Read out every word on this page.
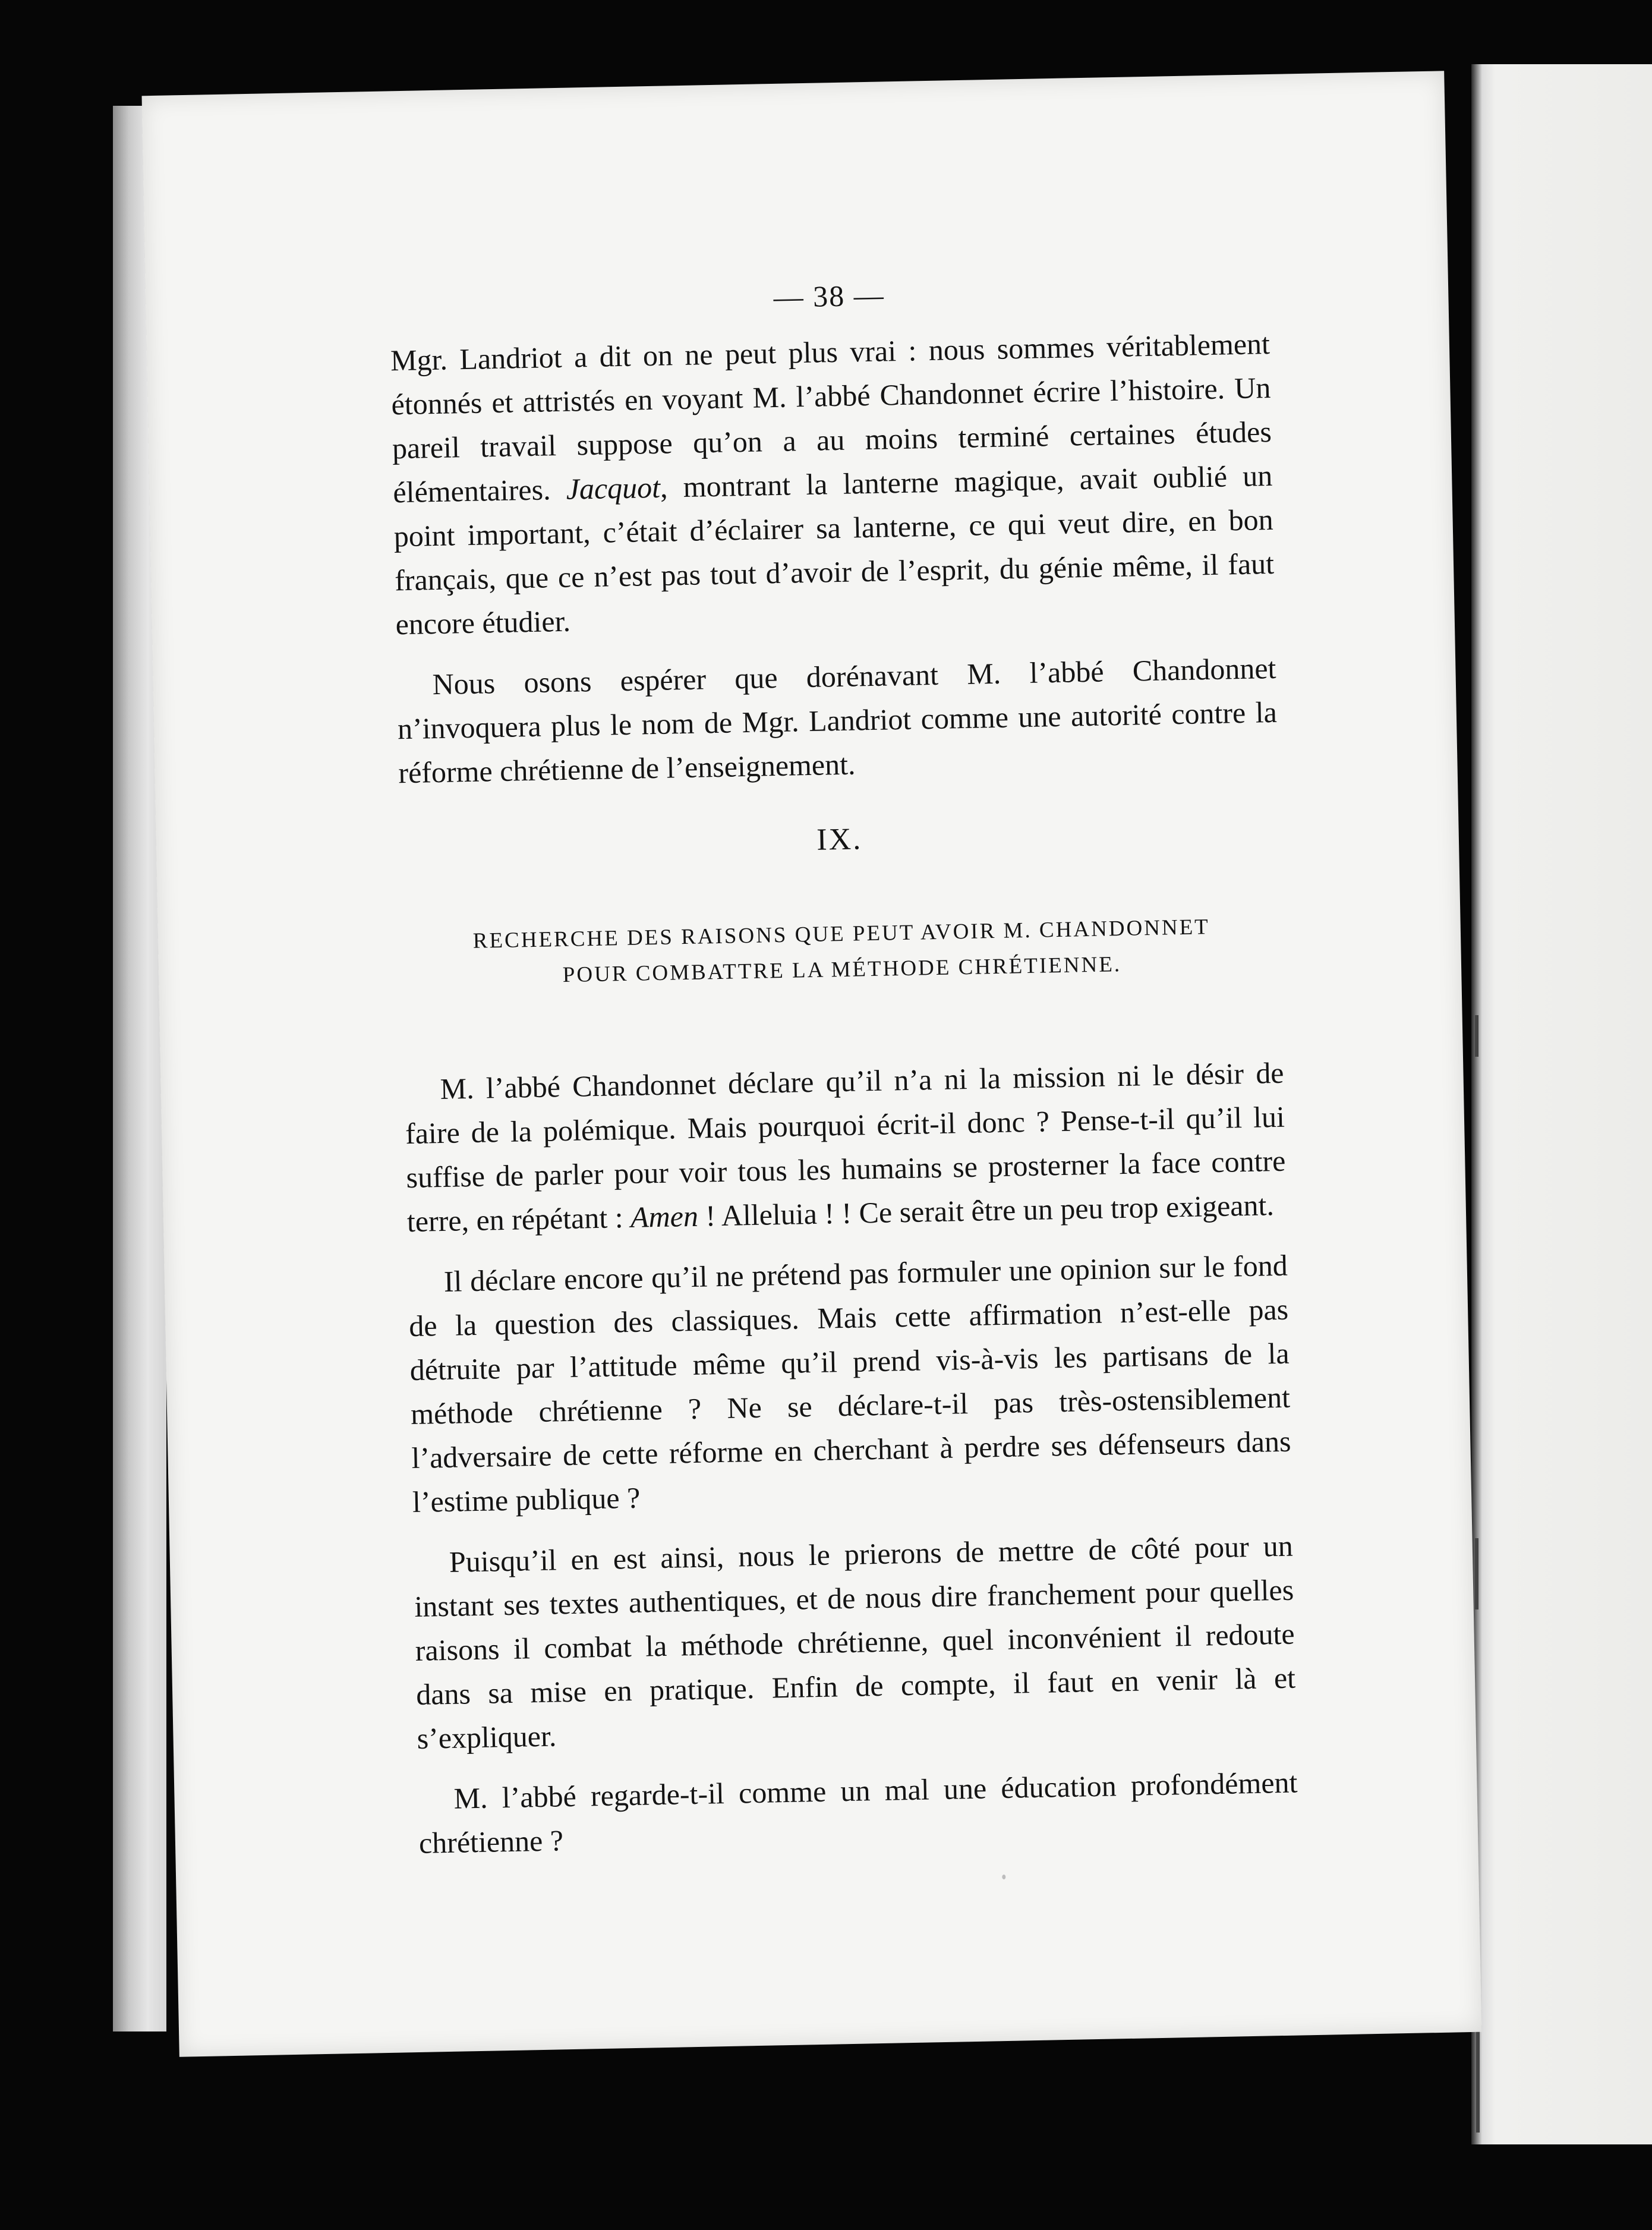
— 38 —

Mgr. Landriot a dit on ne peut plus vrai : nous sommes véritablement étonnés et attristés en voyant M. l’abbé Chandonnet écrire l’histoire. Un pareil travail suppose qu’on a au moins terminé certaines études élémentaires. Jacquot, montrant la lanterne magique, avait oublié un point important, c’était d’éclairer sa lanterne, ce qui veut dire, en bon français, que ce n’est pas tout d’avoir de l’esprit, du génie même, il faut encore étudier.

Nous osons espérer que dorénavant M. l’abbé Chandonnet n’invoquera plus le nom de Mgr. Landriot comme une autorité contre la réforme chrétienne de l’enseignement.

IX.
RECHERCHE DES RAISONS QUE PEUT AVOIR M. CHANDONNET
POUR COMBATTRE LA MÉTHODE CHRÉTIENNE.

M. l’abbé Chandonnet déclare qu’il n’a ni la mission ni le désir de faire de la polémique. Mais pourquoi écrit-il donc ? Pense-t-il qu’il lui suffise de parler pour voir tous les humains se prosterner la face contre terre, en répétant : Amen ! Alleluia ! ! Ce serait être un peu trop exigeant.

Il déclare encore qu’il ne prétend pas formuler une opinion sur le fond de la question des classiques. Mais cette affirmation n’est-elle pas détruite par l’attitude même qu’il prend vis-à-vis les partisans de la méthode chrétienne ? Ne se déclare-t-il pas très-ostensiblement l’adversaire de cette réforme en cherchant à perdre ses défenseurs dans l’estime publique ?

Puisqu’il en est ainsi, nous le prierons de mettre de côté pour un instant ses textes authentiques, et de nous dire franchement pour quelles raisons il combat la méthode chrétienne, quel inconvénient il redoute dans sa mise en pratique. Enfin de compte, il faut en venir là et s’expliquer.

M. l’abbé regarde-t-il comme un mal une éducation profondément chrétienne ?
